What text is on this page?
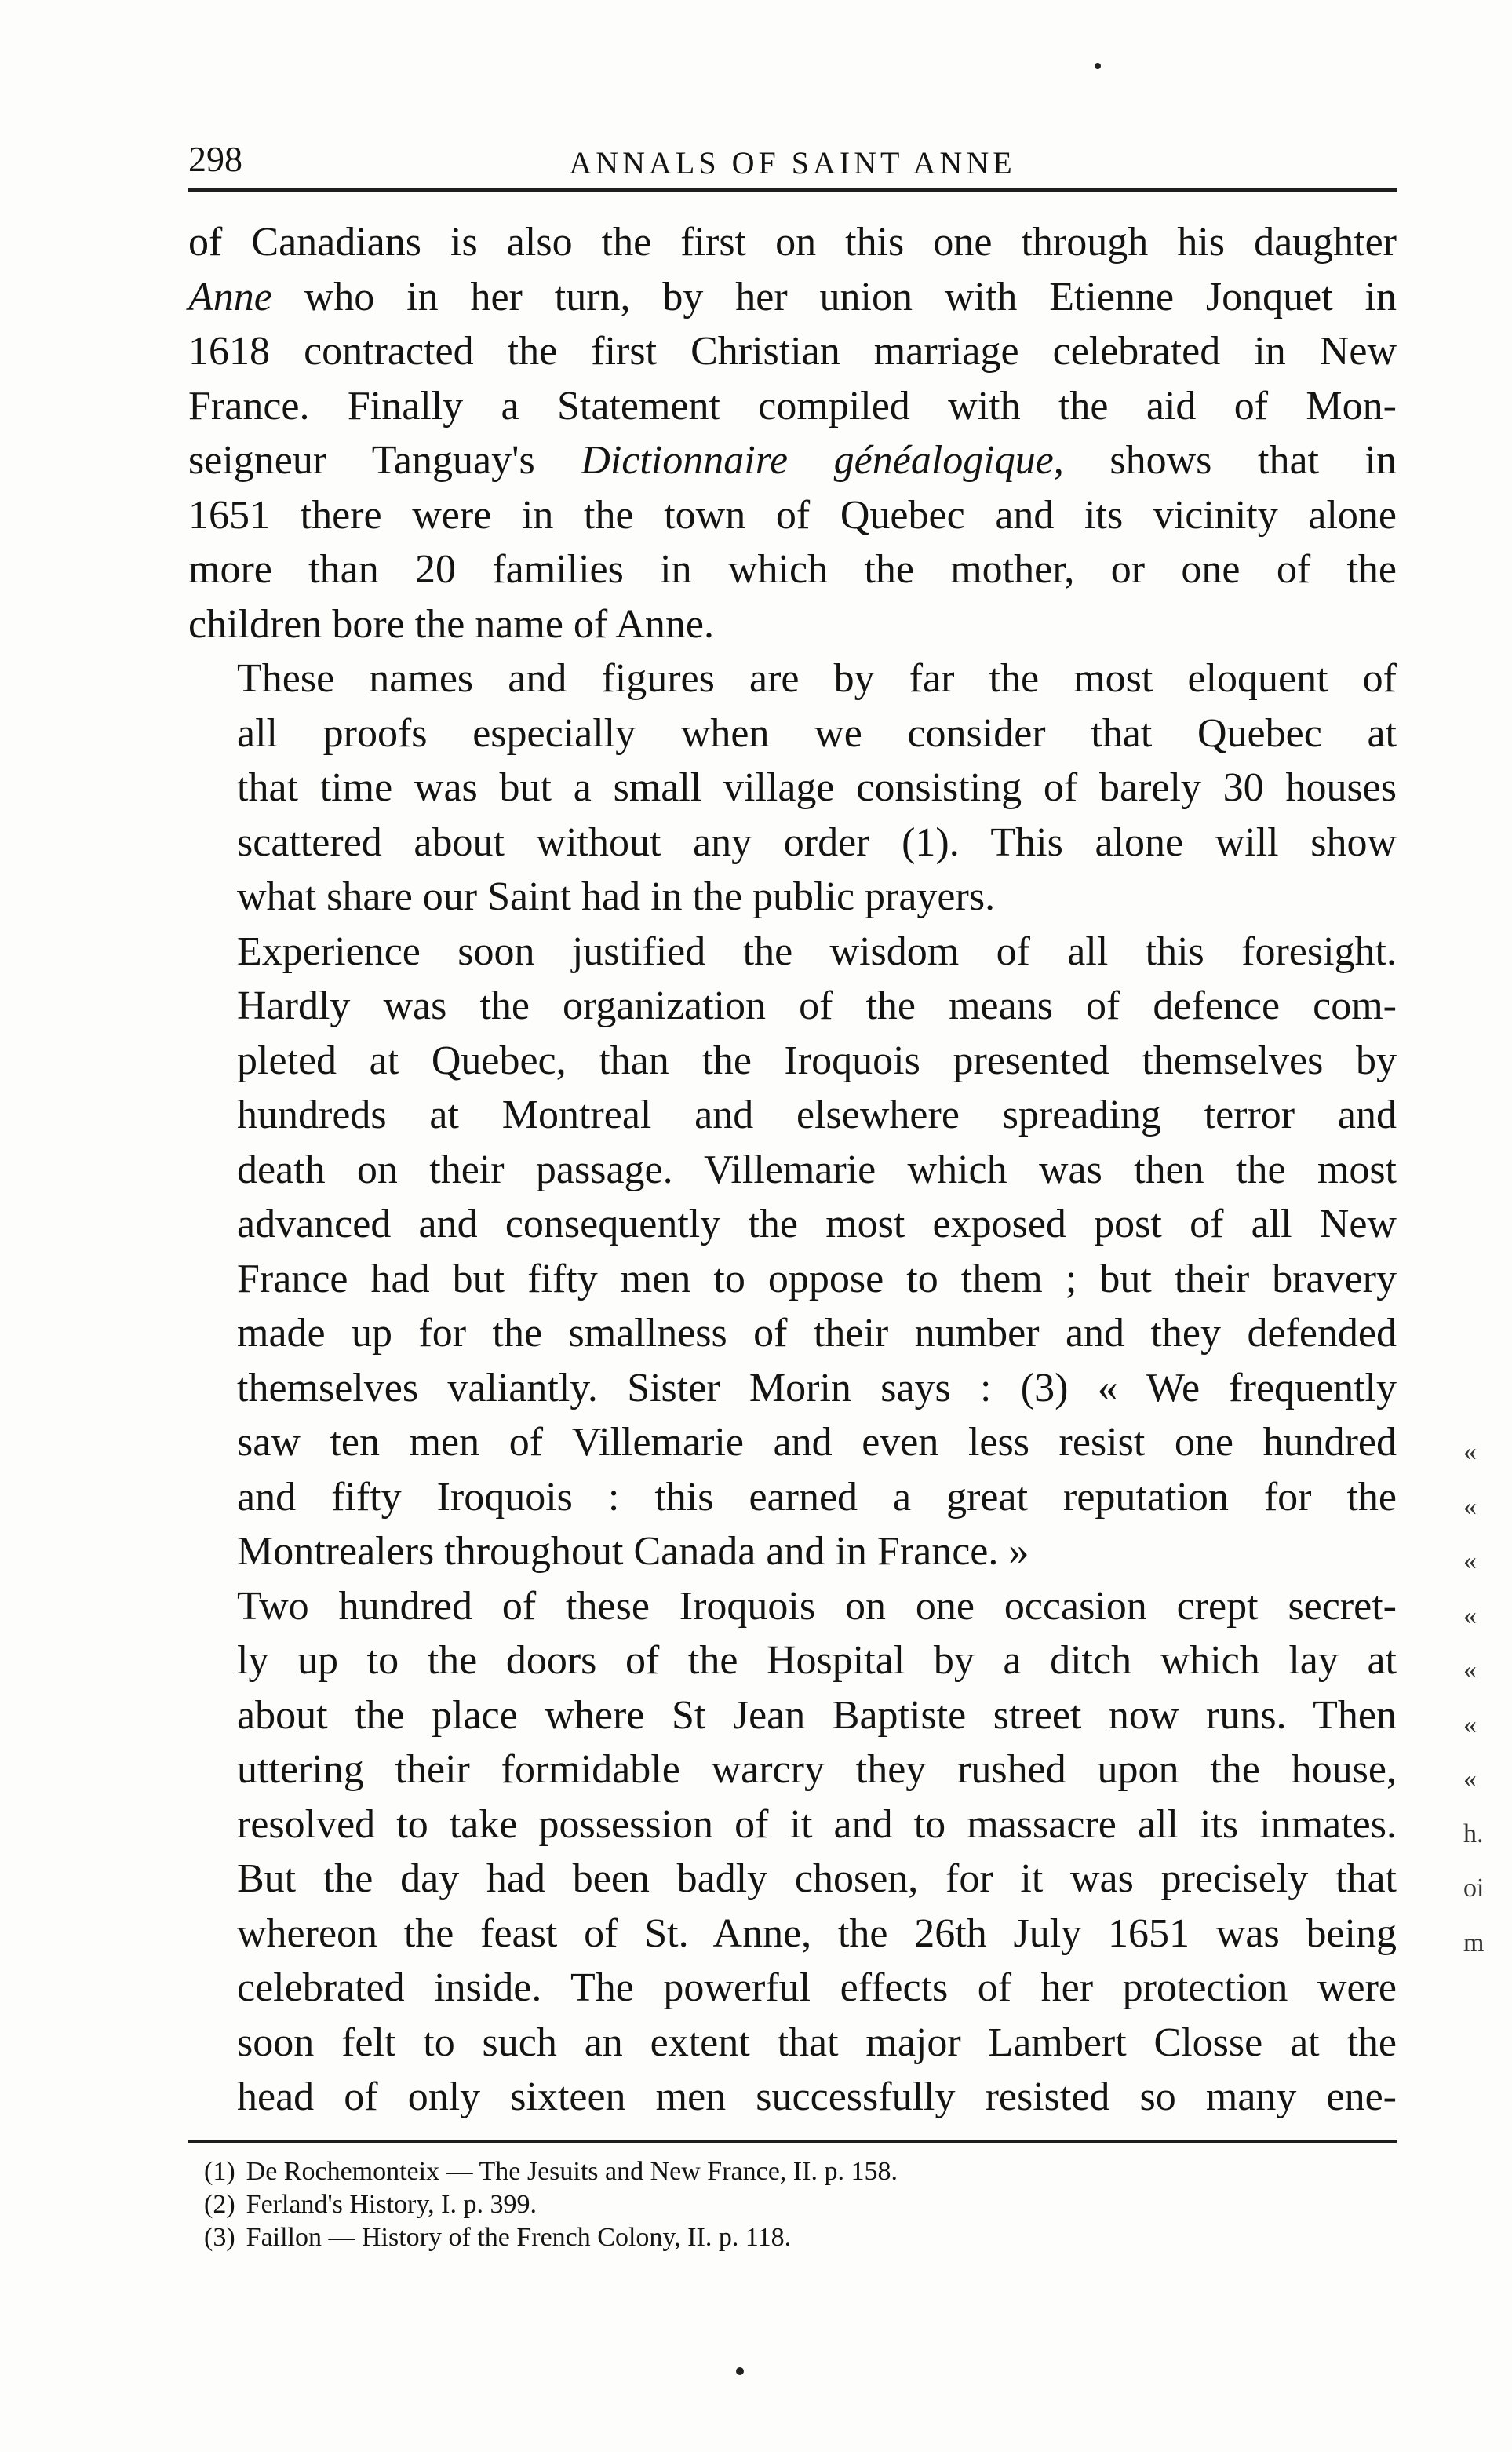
298	ANNALS OF SAINT ANNE

of Canadians is also the first on this one through his daughter
Anne who in her turn, by her union with Etienne Jonquet in
1618 contracted the first Christian marriage celebrated in New
France. Finally a Statement compiled with the aid of Mon-
seigneur Tanguay's Dictionnaire généalogique, shows that in
1651 there were in the town of Quebec and its vicinity alone
more than 20 families in which the mother, or one of the
children bore the name of Anne.

These names and figures are by far the most eloquent of
all proofs especially when we consider that Quebec at
that time was but a small village consisting of barely 30 houses
scattered about without any order (1). This alone will show
what share our Saint had in the public prayers.

Experience soon justified the wisdom of all this foresight.
Hardly was the organization of the means of defence com-
pleted at Quebec, than the Iroquois presented themselves by
hundreds at Montreal and elsewhere spreading terror and
death on their passage. Villemarie which was then the most
advanced and consequently the most exposed post of all New
France had but fifty men to oppose to them ; but their bravery
made up for the smallness of their number and they defended
themselves valiantly. Sister Morin says : (3) « We frequently
saw ten men of Villemarie and even less resist one hundred
and fifty Iroquois : this earned a great reputation for the
Montrealers throughout Canada and in France. »

Two hundred of these Iroquois on one occasion crept secret-
ly up to the doors of the Hospital by a ditch which lay at
about the place where St Jean Baptiste street now runs. Then
uttering their formidable warcry they rushed upon the house,
resolved to take possession of it and to massacre all its inmates.
But the day had been badly chosen, for it was precisely that
whereon the feast of St. Anne, the 26th July 1651 was being
celebrated inside. The powerful effects of her protection were
soon felt to such an extent that major Lambert Closse at the
head of only sixteen men successfully resisted so many ene-

(1) De Rochemonteix — The Jesuits and New France, II. p. 158.
(2) Ferland's History, I. p. 399.
(3) Faillon — History of the French Colony, II. p. 118.
«
«
«
«
«
«
«
h.
oi
m
